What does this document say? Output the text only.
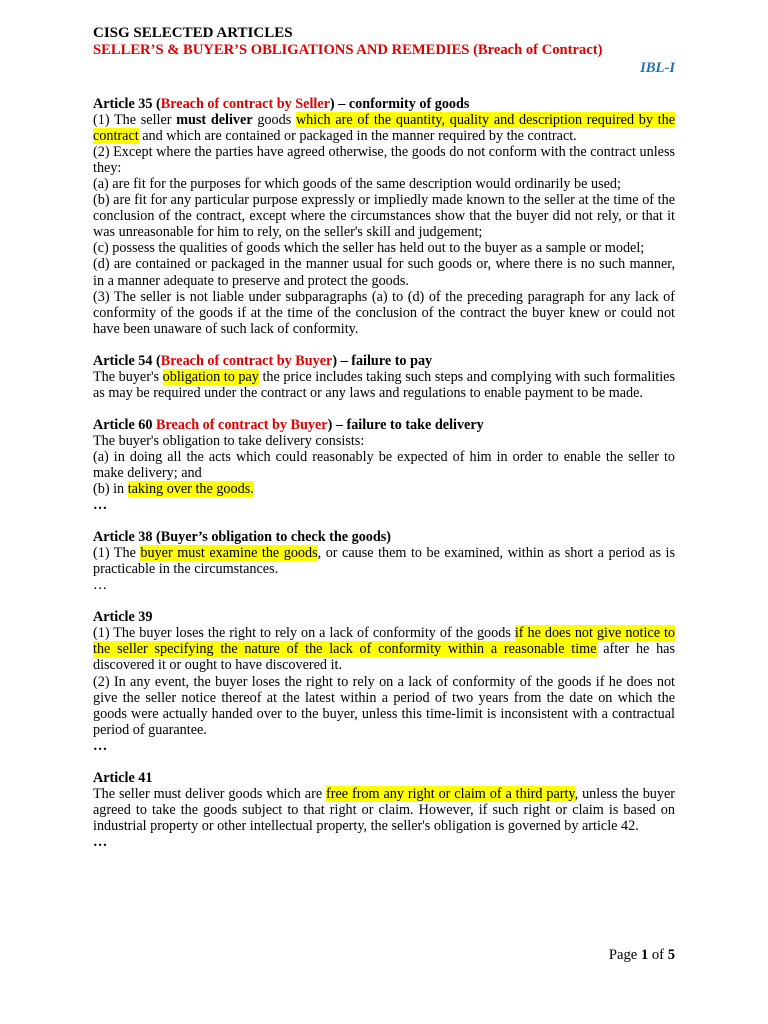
CISG SELECTED ARTICLES
SELLER’S & BUYER’S OBLIGATIONS AND REMEDIES (Breach of Contract)
IBL-I
Article 35 (Breach of contract by Seller) – conformity of goods

(1) The seller must deliver goods which are of the quantity, quality and description required by the contract and which are contained or packaged in the manner required by the contract.

(2) Except where the parties have agreed otherwise, the goods do not conform with the contract unless they:

(a) are fit for the purposes for which goods of the same description would ordinarily be used;

(b) are fit for any particular purpose expressly or impliedly made known to the seller at the time of the conclusion of the contract, except where the circumstances show that the buyer did not rely, or that it was unreasonable for him to rely, on the seller's skill and judgement;

(c) possess the qualities of goods which the seller has held out to the buyer as a sample or model;

(d) are contained or packaged in the manner usual for such goods or, where there is no such manner, in a manner adequate to preserve and protect the goods.

(3) The seller is not liable under subparagraphs (a) to (d) of the preceding paragraph for any lack of conformity of the goods if at the time of the conclusion of the contract the buyer knew or could not have been unaware of such lack of conformity.

Article 54 (Breach of contract by Buyer) – failure to pay

The buyer's obligation to pay the price includes taking such steps and complying with such formalities as may be required under the contract or any laws and regulations to enable payment to be made.

Article 60 Breach of contract by Buyer) – failure to take delivery

The buyer's obligation to take delivery consists:

(a) in doing all the acts which could reasonably be expected of him in order to enable the seller to make delivery; and

(b) in taking over the goods.

…

Article 38 (Buyer’s obligation to check the goods)

(1) The buyer must examine the goods, or cause them to be examined, within as short a period as is practicable in the circumstances.

…

Article 39

(1) The buyer loses the right to rely on a lack of conformity of the goods if he does not give notice to the seller specifying the nature of the lack of conformity within a reasonable time after he has discovered it or ought to have discovered it.

(2) In any event, the buyer loses the right to rely on a lack of conformity of the goods if he does not give the seller notice thereof at the latest within a period of two years from the date on which the goods were actually handed over to the buyer, unless this time-limit is inconsistent with a contractual period of guarantee.

…

Article 41

The seller must deliver goods which are free from any right or claim of a third party, unless the buyer agreed to take the goods subject to that right or claim. However, if such right or claim is based on industrial property or other intellectual property, the seller's obligation is governed by article 42.

…

Page 1 of 5
